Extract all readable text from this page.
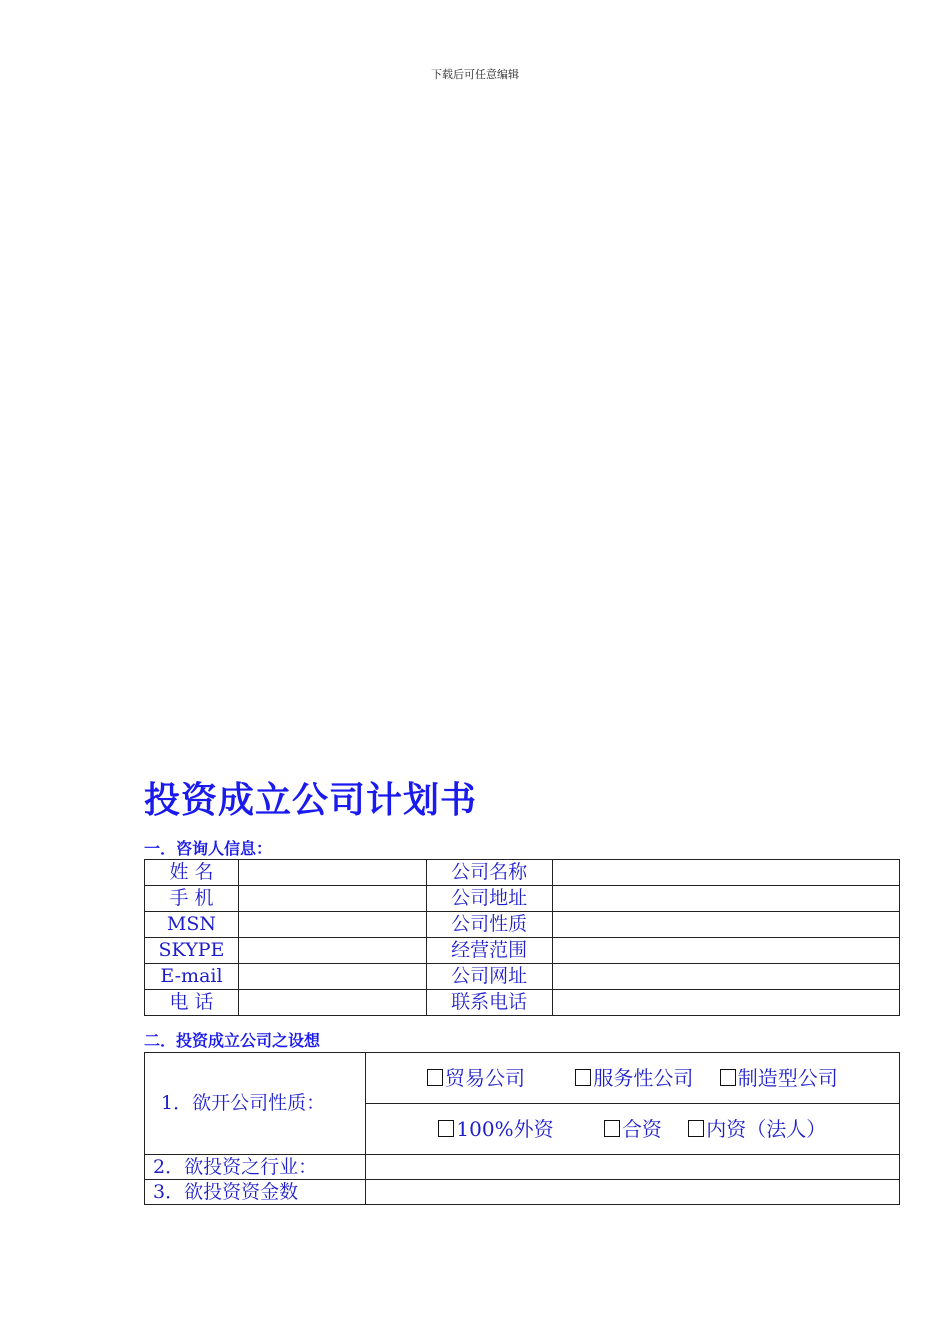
下载后可任意编辑
投资成立公司计划书
一．咨询人信息：
姓 名		公司名称	
手 机		公司地址	
MSN		公司性质	
SKYPE		经营范围	
E-mail		公司网址	
电 话		联系电话	
二．投资成立公司之设想
1．欲开公司性质：	贸易公司 服务性公司 制造型公司
	100%外资 合资 内资（法人）
2．欲投资之行业：	
3．欲投资资金数	
